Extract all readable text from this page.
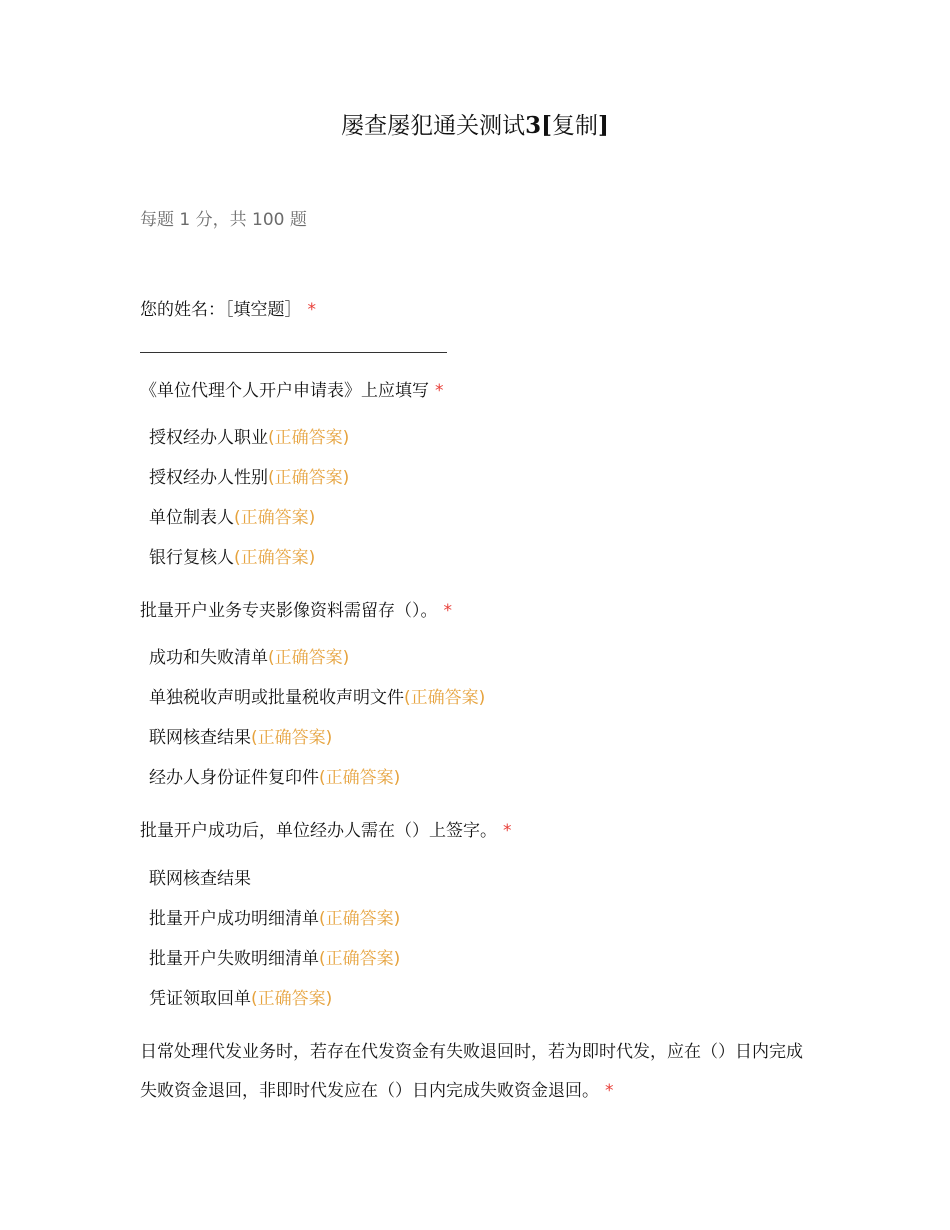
屡查屡犯通关测试3[复制]
每题 1 分，共 100 题
您的姓名：［填空题］ *
《单位代理个人开户申请表》上应填写 *
授权经办人职业(正确答案)
授权经办人性别(正确答案)
单位制表人(正确答案)
银行复核人(正确答案)
批量开户业务专夹影像资料需留存（）。 *
成功和失败清单(正确答案)
单独税收声明或批量税收声明文件(正确答案)
联网核查结果(正确答案)
经办人身份证件复印件(正确答案)
批量开户成功后，单位经办人需在（）上签字。 *
联网核查结果
批量开户成功明细清单(正确答案)
批量开户失败明细清单(正确答案)
凭证领取回单(正确答案)
日常处理代发业务时，若存在代发资金有失败退回时，若为即时代发，应在（）日内完成失败资金退回，非即时代发应在（）日内完成失败资金退回。 *
